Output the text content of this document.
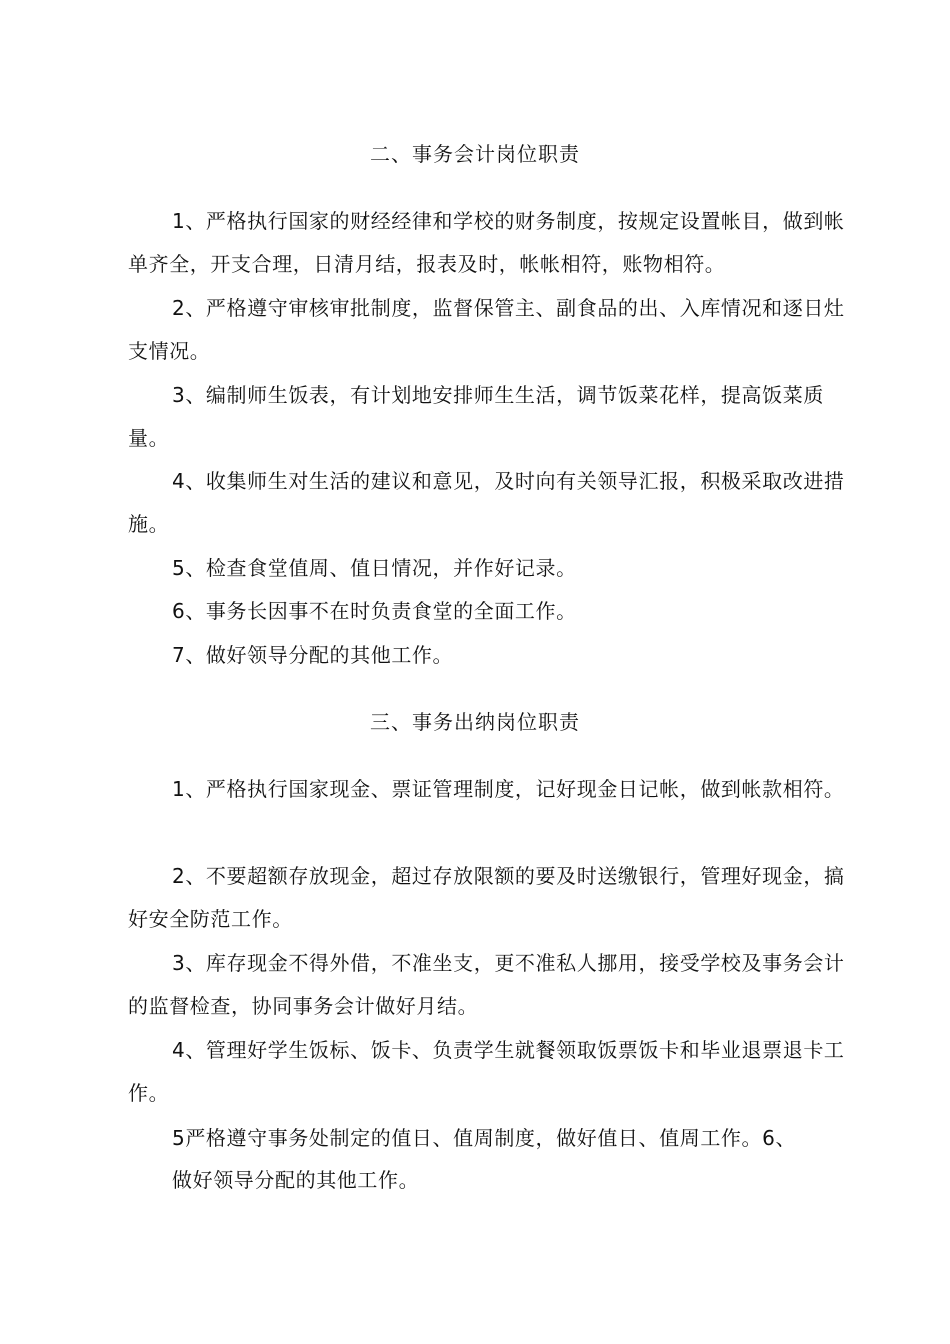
二、事务会计岗位职责
1、严格执行国家的财经经律和学校的财务制度，按规定设置帐目，做到帐单齐全，开支合理，日清月结，报表及时，帐帐相符，账物相符。
2、严格遵守审核审批制度，监督保管主、副食品的出、入库情况和逐日灶支情况。
3、编制师生饭表，有计划地安排师生生活，调节饭菜花样，提高饭菜质量。
4、收集师生对生活的建议和意见，及时向有关领导汇报，积极采取改进措施。
5、检查食堂值周、值日情况，并作好记录。
6、事务长因事不在时负责食堂的全面工作。
7、做好领导分配的其他工作。
三、事务出纳岗位职责
1、严格执行国家现金、票证管理制度，记好现金日记帐，做到帐款相符。
2、不要超额存放现金，超过存放限额的要及时送缴银行，管理好现金，搞好安全防范工作。
3、库存现金不得外借，不准坐支，更不准私人挪用，接受学校及事务会计的监督检查，协同事务会计做好月结。
4、管理好学生饭标、饭卡、负责学生就餐领取饭票饭卡和毕业退票退卡工作。
5严格遵守事务处制定的值日、值周制度，做好值日、值周工作。6、
做好领导分配的其他工作。
